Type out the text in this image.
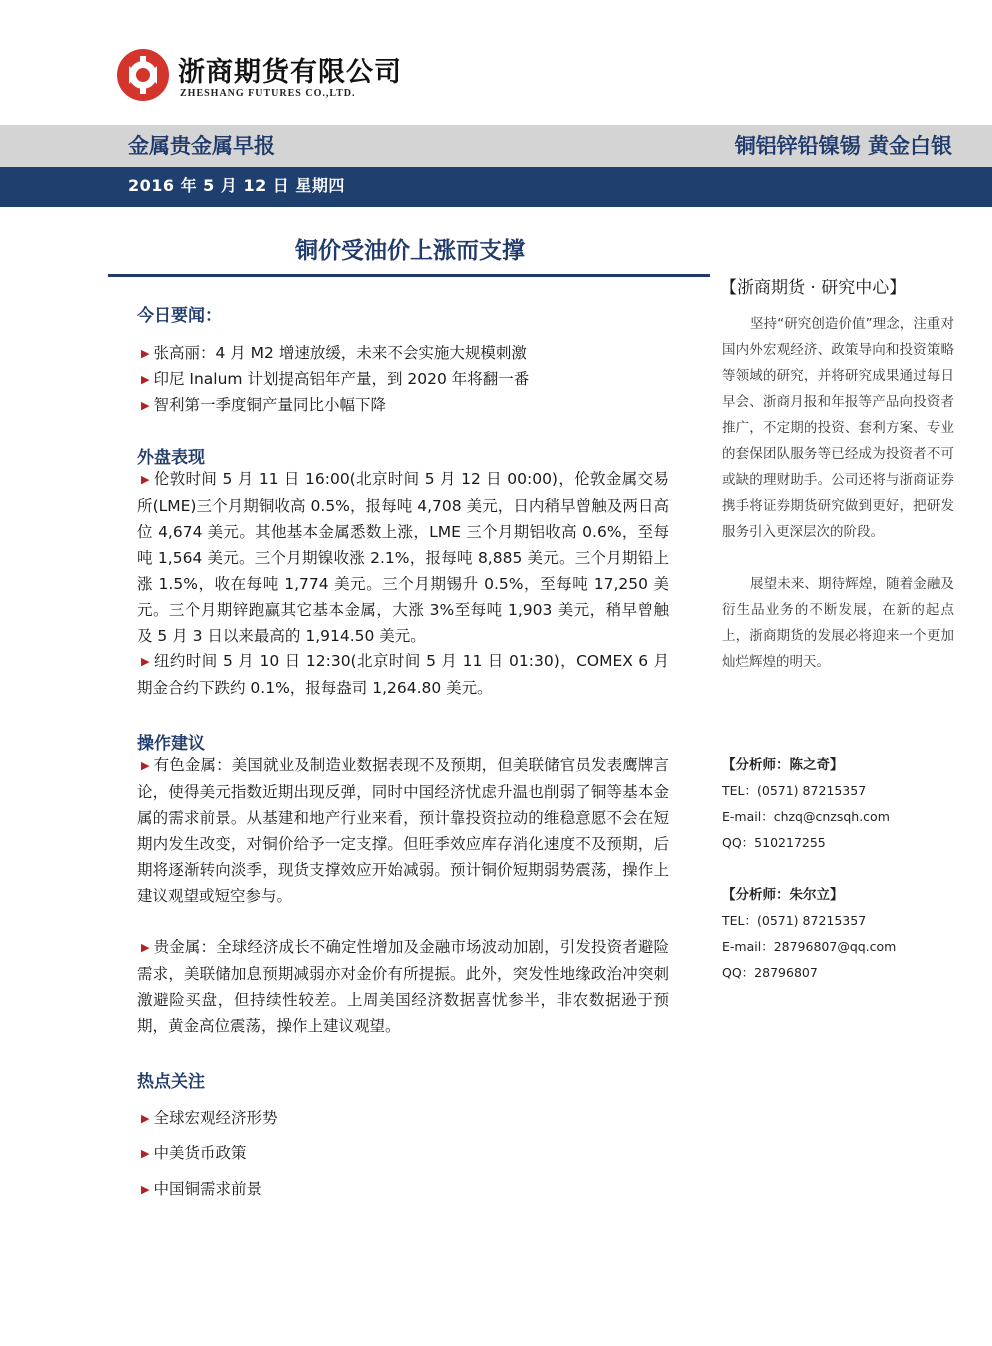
浙商期货有限公司
ZHESHANG FUTURES CO.,LTD.
金属贵金属早报	铜铝锌铅镍锡 黄金白银
2016 年 5 月 12 日 星期四
铜价受油价上涨而支撑
今日要闻：
▶ 张高丽：4 月 M2 增速放缓，未来不会实施大规模刺激
▶ 印尼 Inalum 计划提高铝年产量，到 2020 年将翻一番
▶ 智利第一季度铜产量同比小幅下降
外盘表现
▶ 伦敦时间 5 月 11 日 16:00(北京时间 5 月 12 日 00:00)，伦敦金属交易所(LME)三个月期铜收高 0.5%，报每吨 4,708 美元，日内稍早曾触及两日高位 4,674 美元。其他基本金属悉数上涨，LME 三个月期铝收高 0.6%，至每吨 1,564 美元。三个月期镍收涨 2.1%，报每吨 8,885 美元。三个月期铅上涨 1.5%，收在每吨 1,774 美元。三个月期锡升 0.5%，至每吨 17,250 美元。三个月期锌跑赢其它基本金属，大涨 3%至每吨 1,903 美元，稍早曾触及 5 月 3 日以来最高的 1,914.50 美元。
▶ 纽约时间 5 月 10 日 12:30(北京时间 5 月 11 日 01:30)，COMEX 6 月期金合约下跌约 0.1%，报每盎司 1,264.80 美元。
操作建议
▶ 有色金属：美国就业及制造业数据表现不及预期，但美联储官员发表鹰牌言论，使得美元指数近期出现反弹，同时中国经济忧虑升温也削弱了铜等基本金属的需求前景。从基建和地产行业来看，预计靠投资拉动的维稳意愿不会在短期内发生改变，对铜价给予一定支撑。但旺季效应库存消化速度不及预期，后期将逐渐转向淡季，现货支撑效应开始减弱。预计铜价短期弱势震荡，操作上建议观望或短空参与。
▶ 贵金属：全球经济成长不确定性增加及金融市场波动加剧，引发投资者避险需求，美联储加息预期减弱亦对金价有所提振。此外，突发性地缘政治冲突刺激避险买盘，但持续性较差。上周美国经济数据喜忧参半，非农数据逊于预期，黄金高位震荡，操作上建议观望。
热点关注
▶ 全球宏观经济形势
▶ 中美货币政策
▶ 中国铜需求前景
【浙商期货 · 研究中心】
坚持“研究创造价值”理念，注重对国内外宏观经济、政策导向和投资策略等领域的研究，并将研究成果通过每日早会、浙商月报和年报等产品向投资者推广，不定期的投资、套利方案、专业的套保团队服务等已经成为投资者不可或缺的理财助手。公司还将与浙商证券携手将证券期货研究做到更好，把研发服务引入更深层次的阶段。
展望未来、期待辉煌，随着金融及衍生品业务的不断发展，在新的起点上，浙商期货的发展必将迎来一个更加灿烂辉煌的明天。
【分析师：陈之奇】
TEL：(0571) 87215357
E-mail：chzq@cnzsqh.com
QQ：510217255
【分析师：朱尔立】
TEL：(0571) 87215357
E-mail：28796807@qq.com
QQ：28796807
